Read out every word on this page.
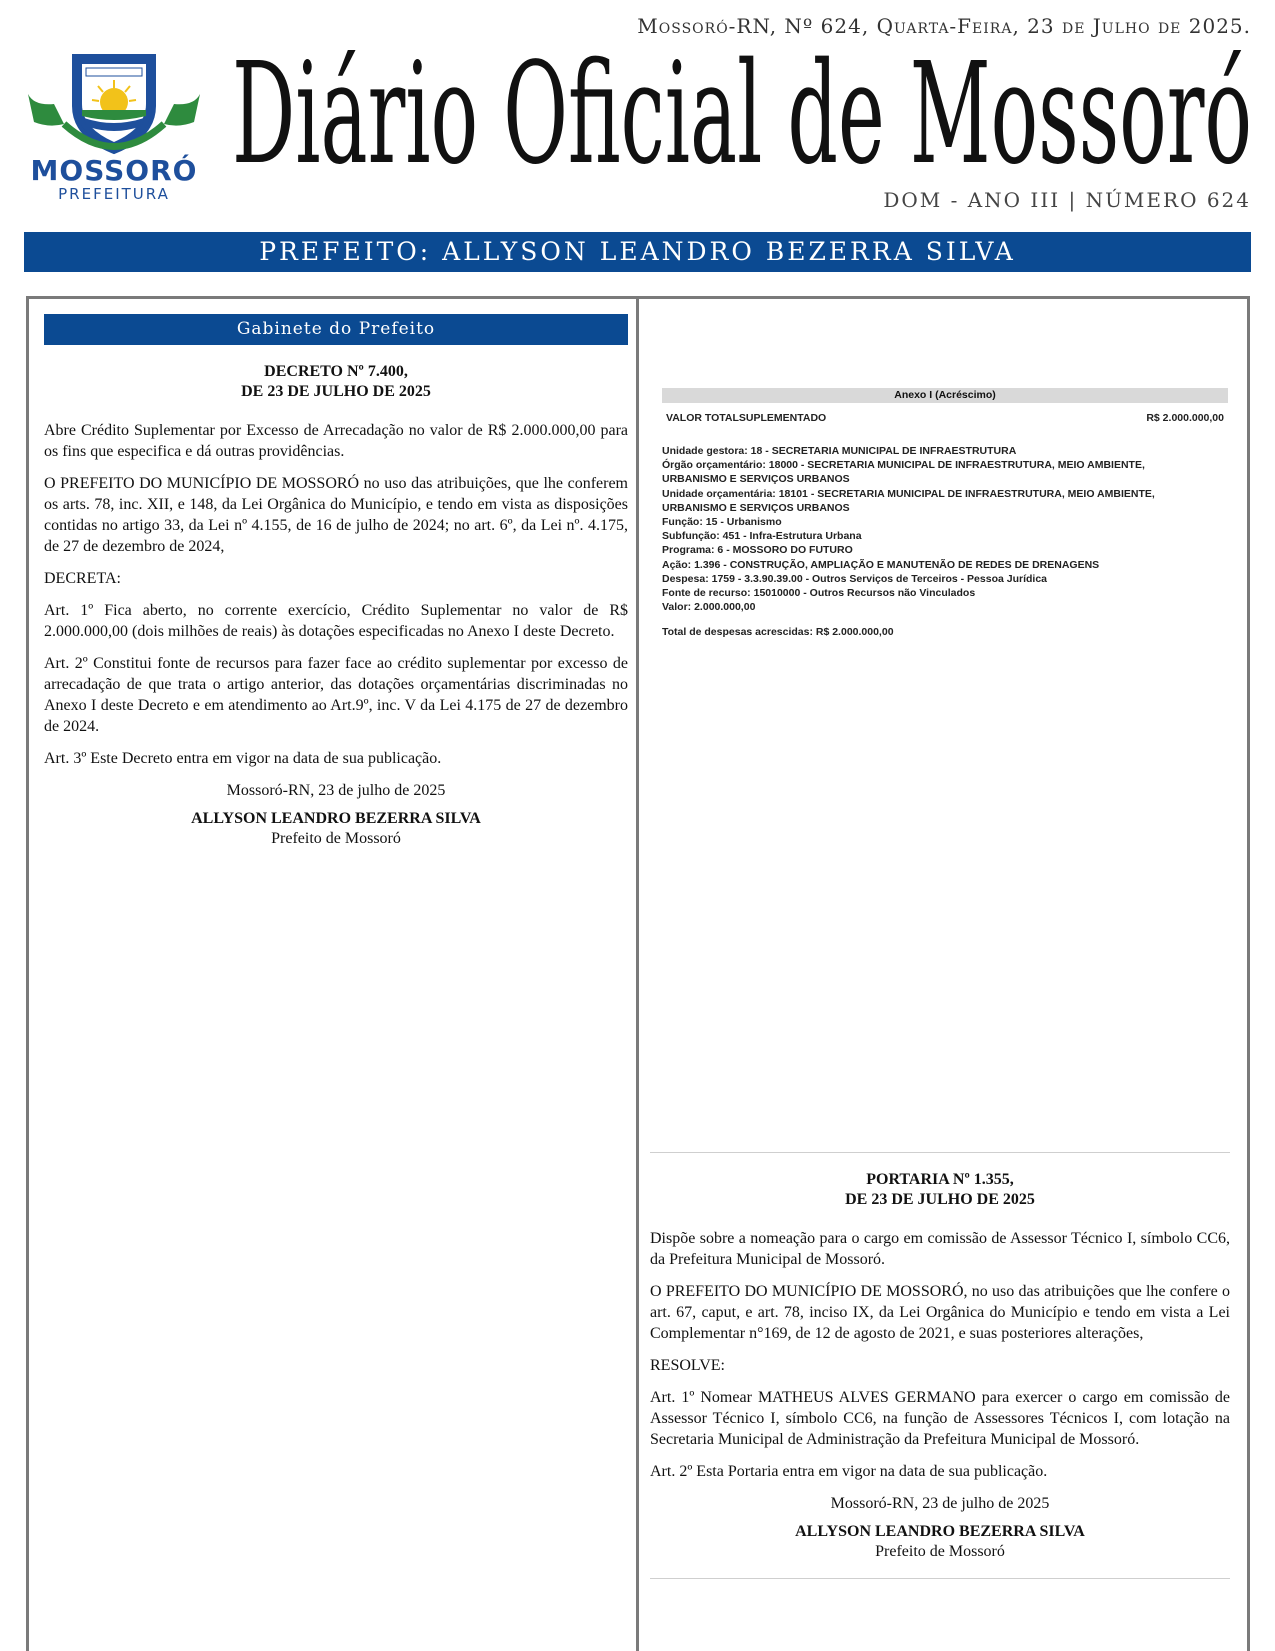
Mossoró-RN, Nº 624, Quarta-Feira, 23 de Julho de 2025.
MOSSORÓ
PREFEITURA Diário Oficial de Mossoró
DOM - ANO III | NÚMERO 624
PREFEITO: ALLYSON LEANDRO BEZERRA SILVA
Gabinete do Prefeito
DECRETO Nº 7.400,
DE 23 DE JULHO DE 2025

Abre Crédito Suplementar por Excesso de Arrecadação no valor de R$ 2.000.000,00 para os fins que especifica e dá outras providências.

O PREFEITO DO MUNICÍPIO DE MOSSORÓ no uso das atribuições, que lhe conferem os arts. 78, inc. XII, e 148, da Lei Orgânica do Município, e tendo em vista as disposições contidas no artigo 33, da Lei nº 4.155, de 16 de julho de 2024; no art. 6º, da Lei nº. 4.175, de 27 de dezembro de 2024,

DECRETA:

Art. 1º Fica aberto, no corrente exercício, Crédito Suplementar no valor de R$ 2.000.000,00 (dois milhões de reais) às dotações especificadas no Anexo I deste Decreto.

Art. 2º Constitui fonte de recursos para fazer face ao crédito suplementar por excesso de arrecadação de que trata o artigo anterior, das dotações orçamentárias discriminadas no Anexo I deste Decreto e em atendimento ao Art.9º, inc. V da Lei 4.175 de 27 de dezembro de 2024.

Art. 3º Este Decreto entra em vigor na data de sua publicação.

Mossoró-RN, 23 de julho de 2025
ALLYSON LEANDRO BEZERRA SILVA
Prefeito de Mossoró
Anexo I (Acréscimo)
VALOR TOTALSUPLEMENTADO	R$ 2.000.000,00
Unidade gestora: 18 - SECRETARIA MUNICIPAL DE INFRAESTRUTURA
Órgão orçamentário: 18000 - SECRETARIA MUNICIPAL DE INFRAESTRUTURA, MEIO AMBIENTE,
URBANISMO E SERVIÇOS URBANOS
Unidade orçamentária: 18101 - SECRETARIA MUNICIPAL DE INFRAESTRUTURA, MEIO AMBIENTE,
URBANISMO E SERVIÇOS URBANOS
Função: 15 - Urbanismo
Subfunção: 451 - Infra-Estrutura Urbana
Programa: 6 - MOSSORO DO FUTURO
Ação: 1.396 - CONSTRUÇÃO, AMPLIAÇÃO E MANUTENÃO DE REDES DE DRENAGENS
Despesa: 1759 - 3.3.90.39.00 - Outros Serviços de Terceiros - Pessoa Jurídica
Fonte de recurso: 15010000 - Outros Recursos não Vinculados
Valor: 2.000.000,00
Total de despesas acrescidas: R$ 2.000.000,00
PORTARIA Nº 1.355,
DE 23 DE JULHO DE 2025

Dispõe sobre a nomeação para o cargo em comissão de Assessor Técnico I, símbolo CC6, da Prefeitura Municipal de Mossoró.

O PREFEITO DO MUNICÍPIO DE MOSSORÓ, no uso das atribuições que lhe confere o art. 67, caput, e art. 78, inciso IX, da Lei Orgânica do Município e tendo em vista a Lei Complementar n°169, de 12 de agosto de 2021, e suas posteriores alterações,

RESOLVE:

Art. 1º Nomear MATHEUS ALVES GERMANO para exercer o cargo em comissão de Assessor Técnico I, símbolo CC6, na função de Assessores Técnicos I, com lotação na Secretaria Municipal de Administração da Prefeitura Municipal de Mossoró.

Art. 2º Esta Portaria entra em vigor na data de sua publicação.

Mossoró-RN, 23 de julho de 2025
ALLYSON LEANDRO BEZERRA SILVA
Prefeito de Mossoró
